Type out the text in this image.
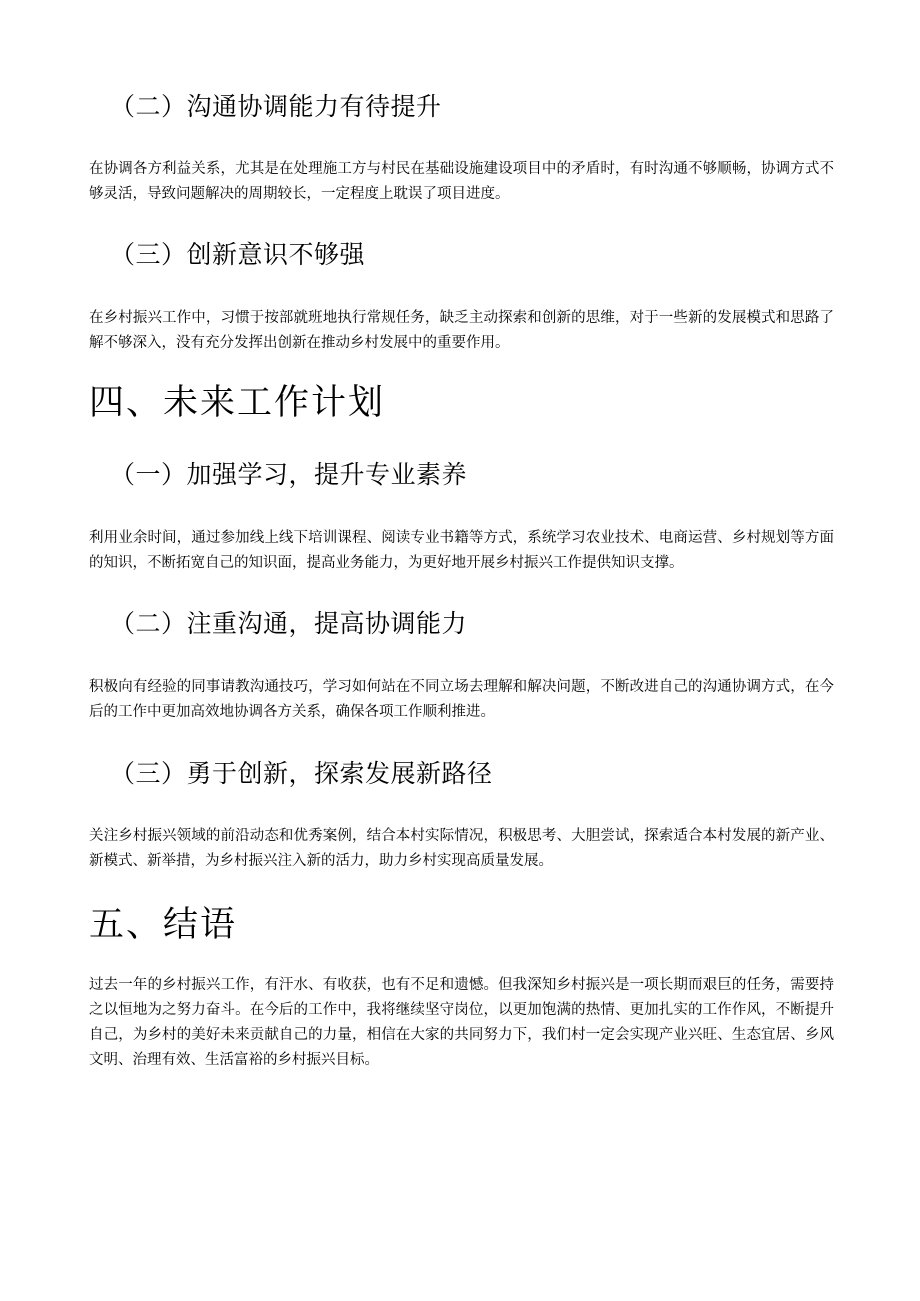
（二）沟通协调能力有待提升

在协调各方利益关系，尤其是在处理施工方与村民在基础设施建设项目中的矛盾时，有时沟通不够顺畅，协调方式不够灵活，导致问题解决的周期较长，一定程度上耽误了项目进度。

（三）创新意识不够强

在乡村振兴工作中，习惯于按部就班地执行常规任务，缺乏主动探索和创新的思维，对于一些新的发展模式和思路了解不够深入，没有充分发挥出创新在推动乡村发展中的重要作用。

四、未来工作计划
（一）加强学习，提升专业素养

利用业余时间，通过参加线上线下培训课程、阅读专业书籍等方式，系统学习农业技术、电商运营、乡村规划等方面的知识，不断拓宽自己的知识面，提高业务能力，为更好地开展乡村振兴工作提供知识支撑。

（二）注重沟通，提高协调能力

积极向有经验的同事请教沟通技巧，学习如何站在不同立场去理解和解决问题，不断改进自己的沟通协调方式，在今后的工作中更加高效地协调各方关系，确保各项工作顺利推进。

（三）勇于创新，探索发展新路径

关注乡村振兴领域的前沿动态和优秀案例，结合本村实际情况，积极思考、大胆尝试，探索适合本村发展的新产业、新模式、新举措，为乡村振兴注入新的活力，助力乡村实现高质量发展。

五、结语

过去一年的乡村振兴工作，有汗水、有收获，也有不足和遗憾。但我深知乡村振兴是一项长期而艰巨的任务，需要持之以恒地为之努力奋斗。在今后的工作中，我将继续坚守岗位，以更加饱满的热情、更加扎实的工作作风，不断提升自己，为乡村的美好未来贡献自己的力量，相信在大家的共同努力下，我们村一定会实现产业兴旺、生态宜居、乡风文明、治理有效、生活富裕的乡村振兴目标。
